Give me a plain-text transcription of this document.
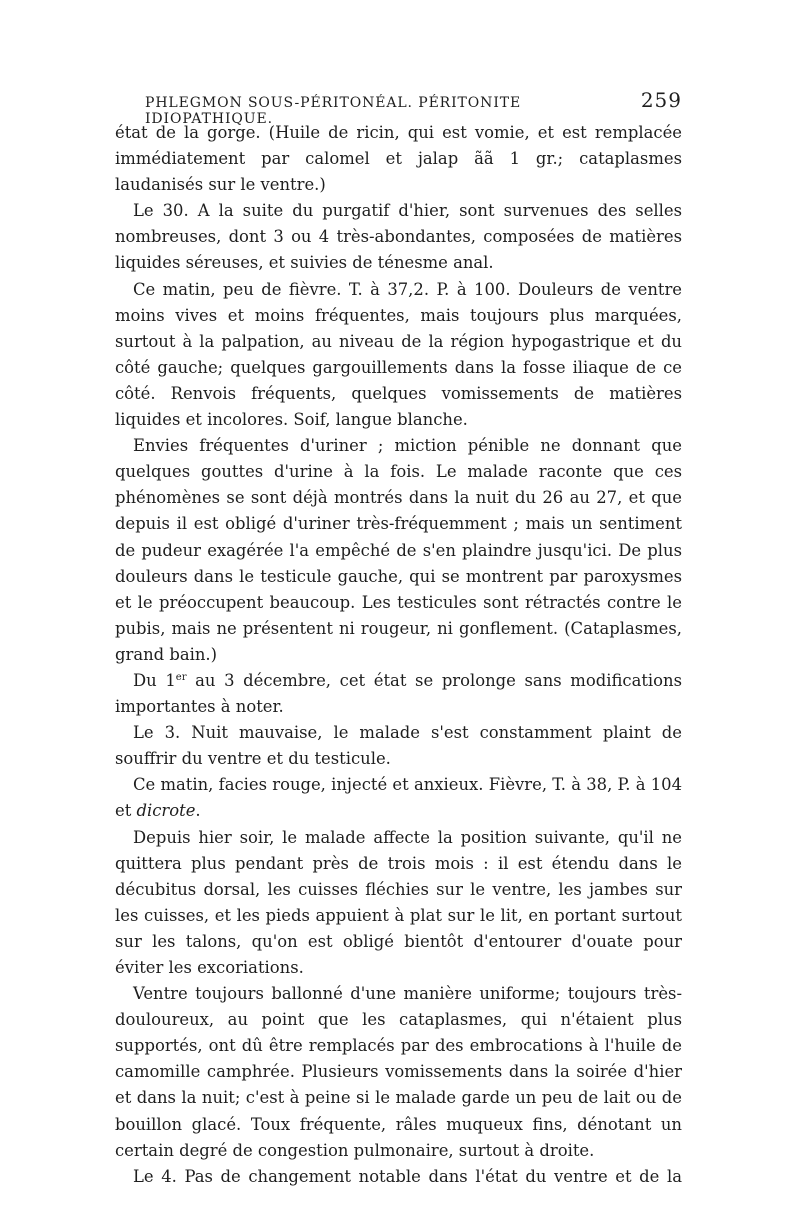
PHLEGMON SOUS-PÉRITONÉAL. PÉRITONITE IDIOPATHIQUE.
259
état de la gorge. (Huile de ricin, qui est vomie, et est remplacée immédiatement par calomel et jalap ãã 1 gr.; cataplasmes laudanisés sur le ventre.)
Le 30. A la suite du purgatif d'hier, sont survenues des selles nombreuses, dont 3 ou 4 très-abondantes, composées de matières liquides séreuses, et suivies de ténesme anal.
Ce matin, peu de fièvre. T. à 37,2. P. à 100. Douleurs de ventre moins vives et moins fréquentes, mais toujours plus marquées, surtout à la palpation, au niveau de la région hypogastrique et du côté gauche; quelques gargouillements dans la fosse iliaque de ce côté. Renvois fréquents, quelques vomissements de matières liquides et incolores. Soif, langue blanche.
Envies fréquentes d'uriner ; miction pénible ne donnant que quelques gouttes d'urine à la fois. Le malade raconte que ces phénomènes se sont déjà montrés dans la nuit du 26 au 27, et que depuis il est obligé d'uriner très-fréquemment ; mais un sentiment de pudeur exagérée l'a empêché de s'en plaindre jusqu'ici. De plus douleurs dans le testicule gauche, qui se montrent par paroxysmes et le préoccupent beaucoup. Les testicules sont rétractés contre le pubis, mais ne présentent ni rougeur, ni gonflement. (Cataplasmes, grand bain.)
Du 1er au 3 décembre, cet état se prolonge sans modifications importantes à noter.
Le 3. Nuit mauvaise, le malade s'est constamment plaint de souffrir du ventre et du testicule.
Ce matin, facies rouge, injecté et anxieux. Fièvre, T. à 38, P. à 104 et dicrote.
Depuis hier soir, le malade affecte la position suivante, qu'il ne quittera plus pendant près de trois mois : il est étendu dans le décubitus dorsal, les cuisses fléchies sur le ventre, les jambes sur les cuisses, et les pieds appuient à plat sur le lit, en portant surtout sur les talons, qu'on est obligé bientôt d'entourer d'ouate pour éviter les excoriations.
Ventre toujours ballonné d'une manière uniforme; toujours très-douloureux, au point que les cataplasmes, qui n'étaient plus supportés, ont dû être remplacés par des embrocations à l'huile de camomille camphrée. Plusieurs vomissements dans la soirée d'hier et dans la nuit; c'est à peine si le malade garde un peu de lait ou de bouillon glacé. Toux fréquente, râles muqueux fins, dénotant un certain degré de congestion pulmonaire, surtout à droite.
Le 4. Pas de changement notable dans l'état du ventre et de la
